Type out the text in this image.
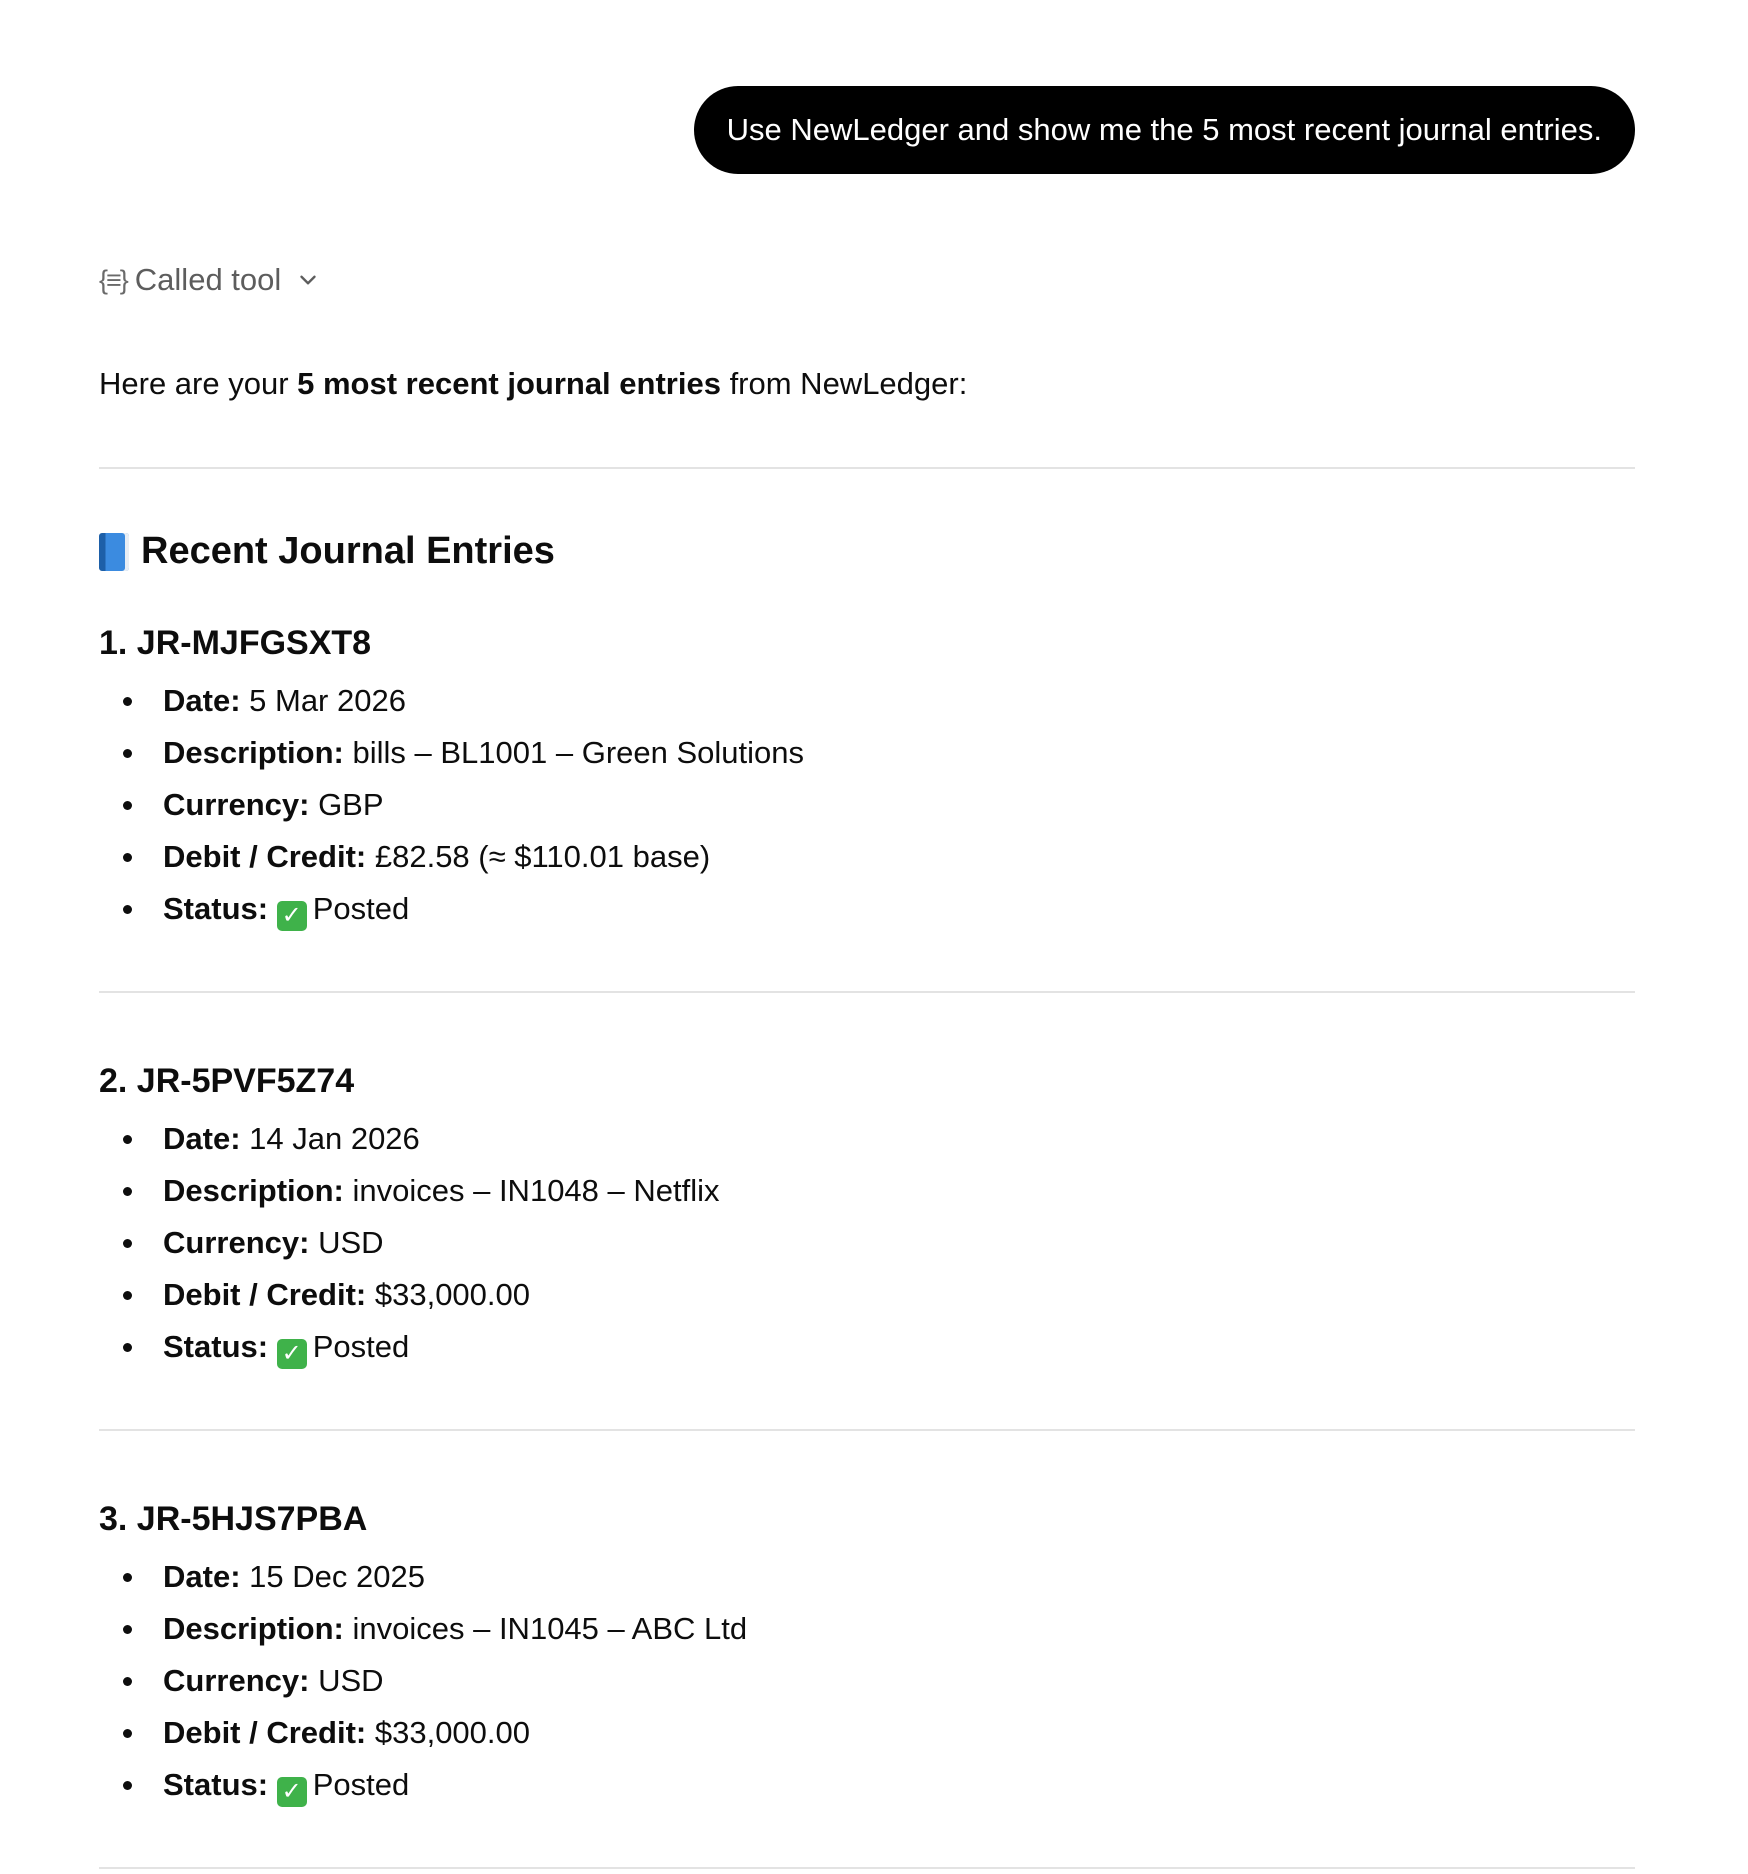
Use NewLedger and show me the 5 most recent journal entries.
{≡} Called tool
Here are your 5 most recent journal entries from NewLedger:
Recent Journal Entries
1. JR-MJFGSXT8
Date: 5 Mar 2026
Description: bills – BL1001 – Green Solutions
Currency: GBP
Debit / Credit: £82.58 (≈ $110.01 base)
Status: ✓ Posted
2. JR-5PVF5Z74
Date: 14 Jan 2026
Description: invoices – IN1048 – Netflix
Currency: USD
Debit / Credit: $33,000.00
Status: ✓ Posted
3. JR-5HJS7PBA
Date: 15 Dec 2025
Description: invoices – IN1045 – ABC Ltd
Currency: USD
Debit / Credit: $33,000.00
Status: ✓ Posted
